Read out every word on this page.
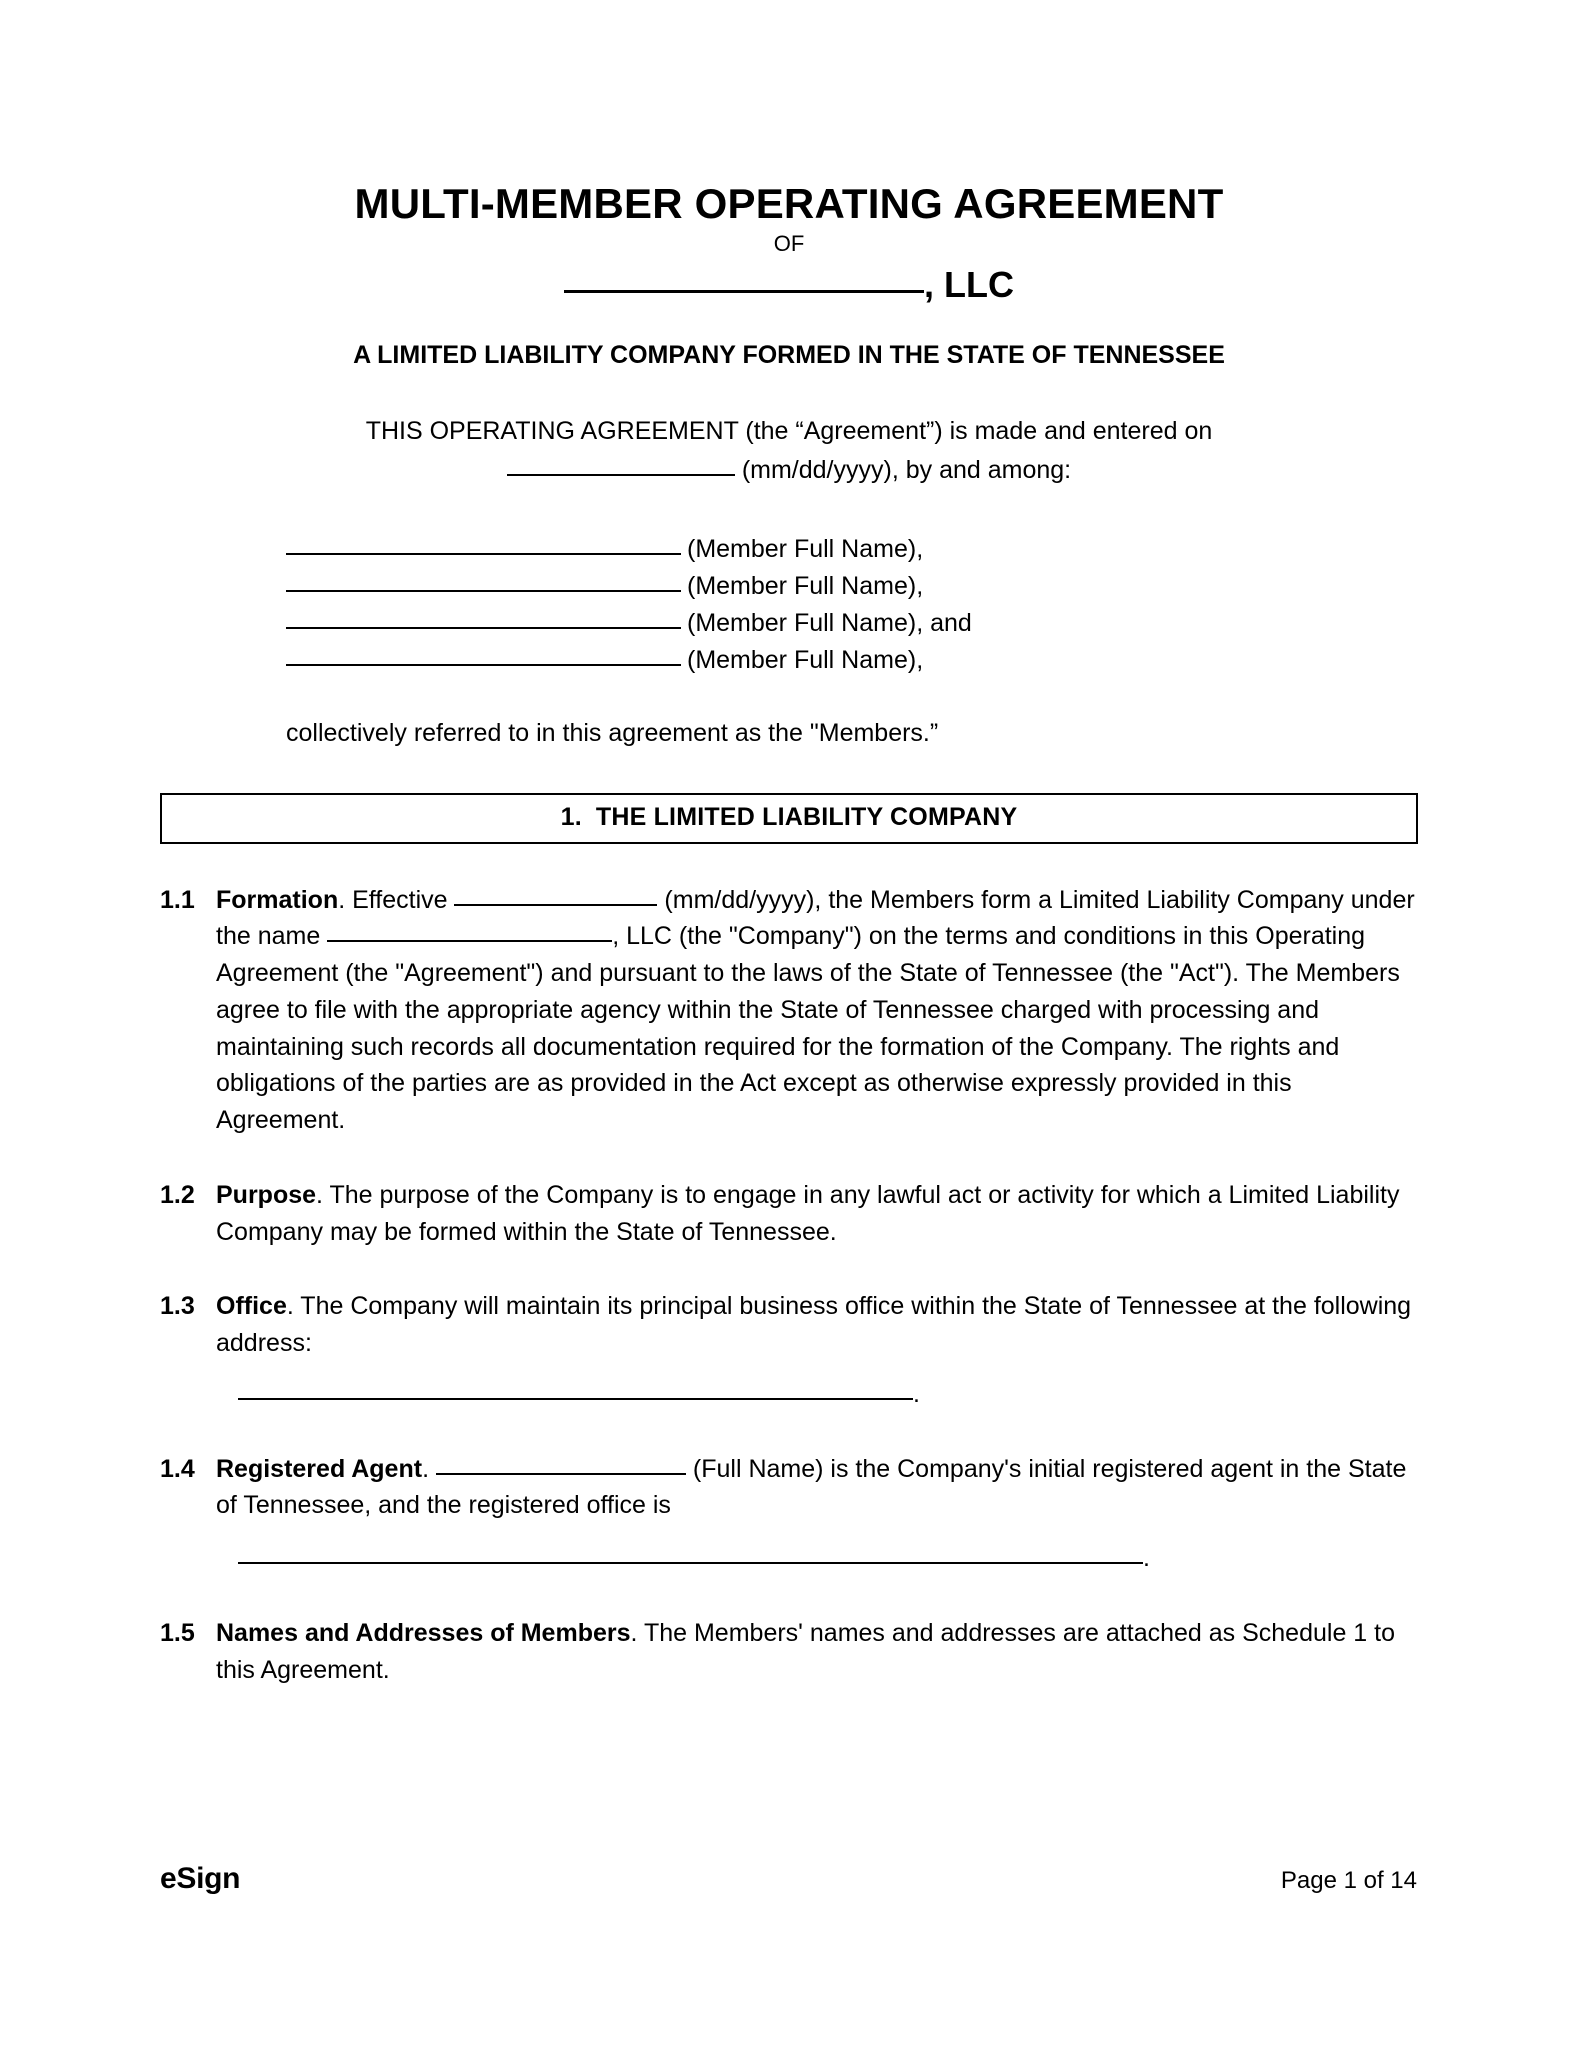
MULTI-MEMBER OPERATING AGREEMENT
OF
, LLC
A LIMITED LIABILITY COMPANY FORMED IN THE STATE OF TENNESSEE
THIS OPERATING AGREEMENT (the “Agreement”) is made and entered on
(mm/dd/yyyy), by and among:
(Member Full Name),
(Member Full Name),
(Member Full Name), and
(Member Full Name),
collectively referred to in this agreement as the "Members.”
1. THE LIMITED LIABILITY COMPANY
1.1 Formation. Effective	(mm/dd/yyyy), the Members form a Limited Liability Company under the name	, LLC (the "Company") on the terms and conditions in this Operating Agreement (the "Agreement") and pursuant to the laws of the State of Tennessee (the "Act"). The Members agree to file with the appropriate agency within the State of Tennessee charged with processing and maintaining such records all documentation required for the formation of the Company. The rights and obligations of the parties are as provided in the Act except as otherwise expressly provided in this Agreement.
1.2 Purpose. The purpose of the Company is to engage in any lawful act or activity for which a Limited Liability Company may be formed within the State of Tennessee.
1.3 Office. The Company will maintain its principal business office within the State of Tennessee at the following address:
.
1.4 Registered Agent.	(Full Name) is the Company's initial registered agent in the State of Tennessee, and the registered office is
.
1.5 Names and Addresses of Members. The Members' names and addresses are attached as Schedule 1 to this Agreement.
eSign	Page 1 of 14
